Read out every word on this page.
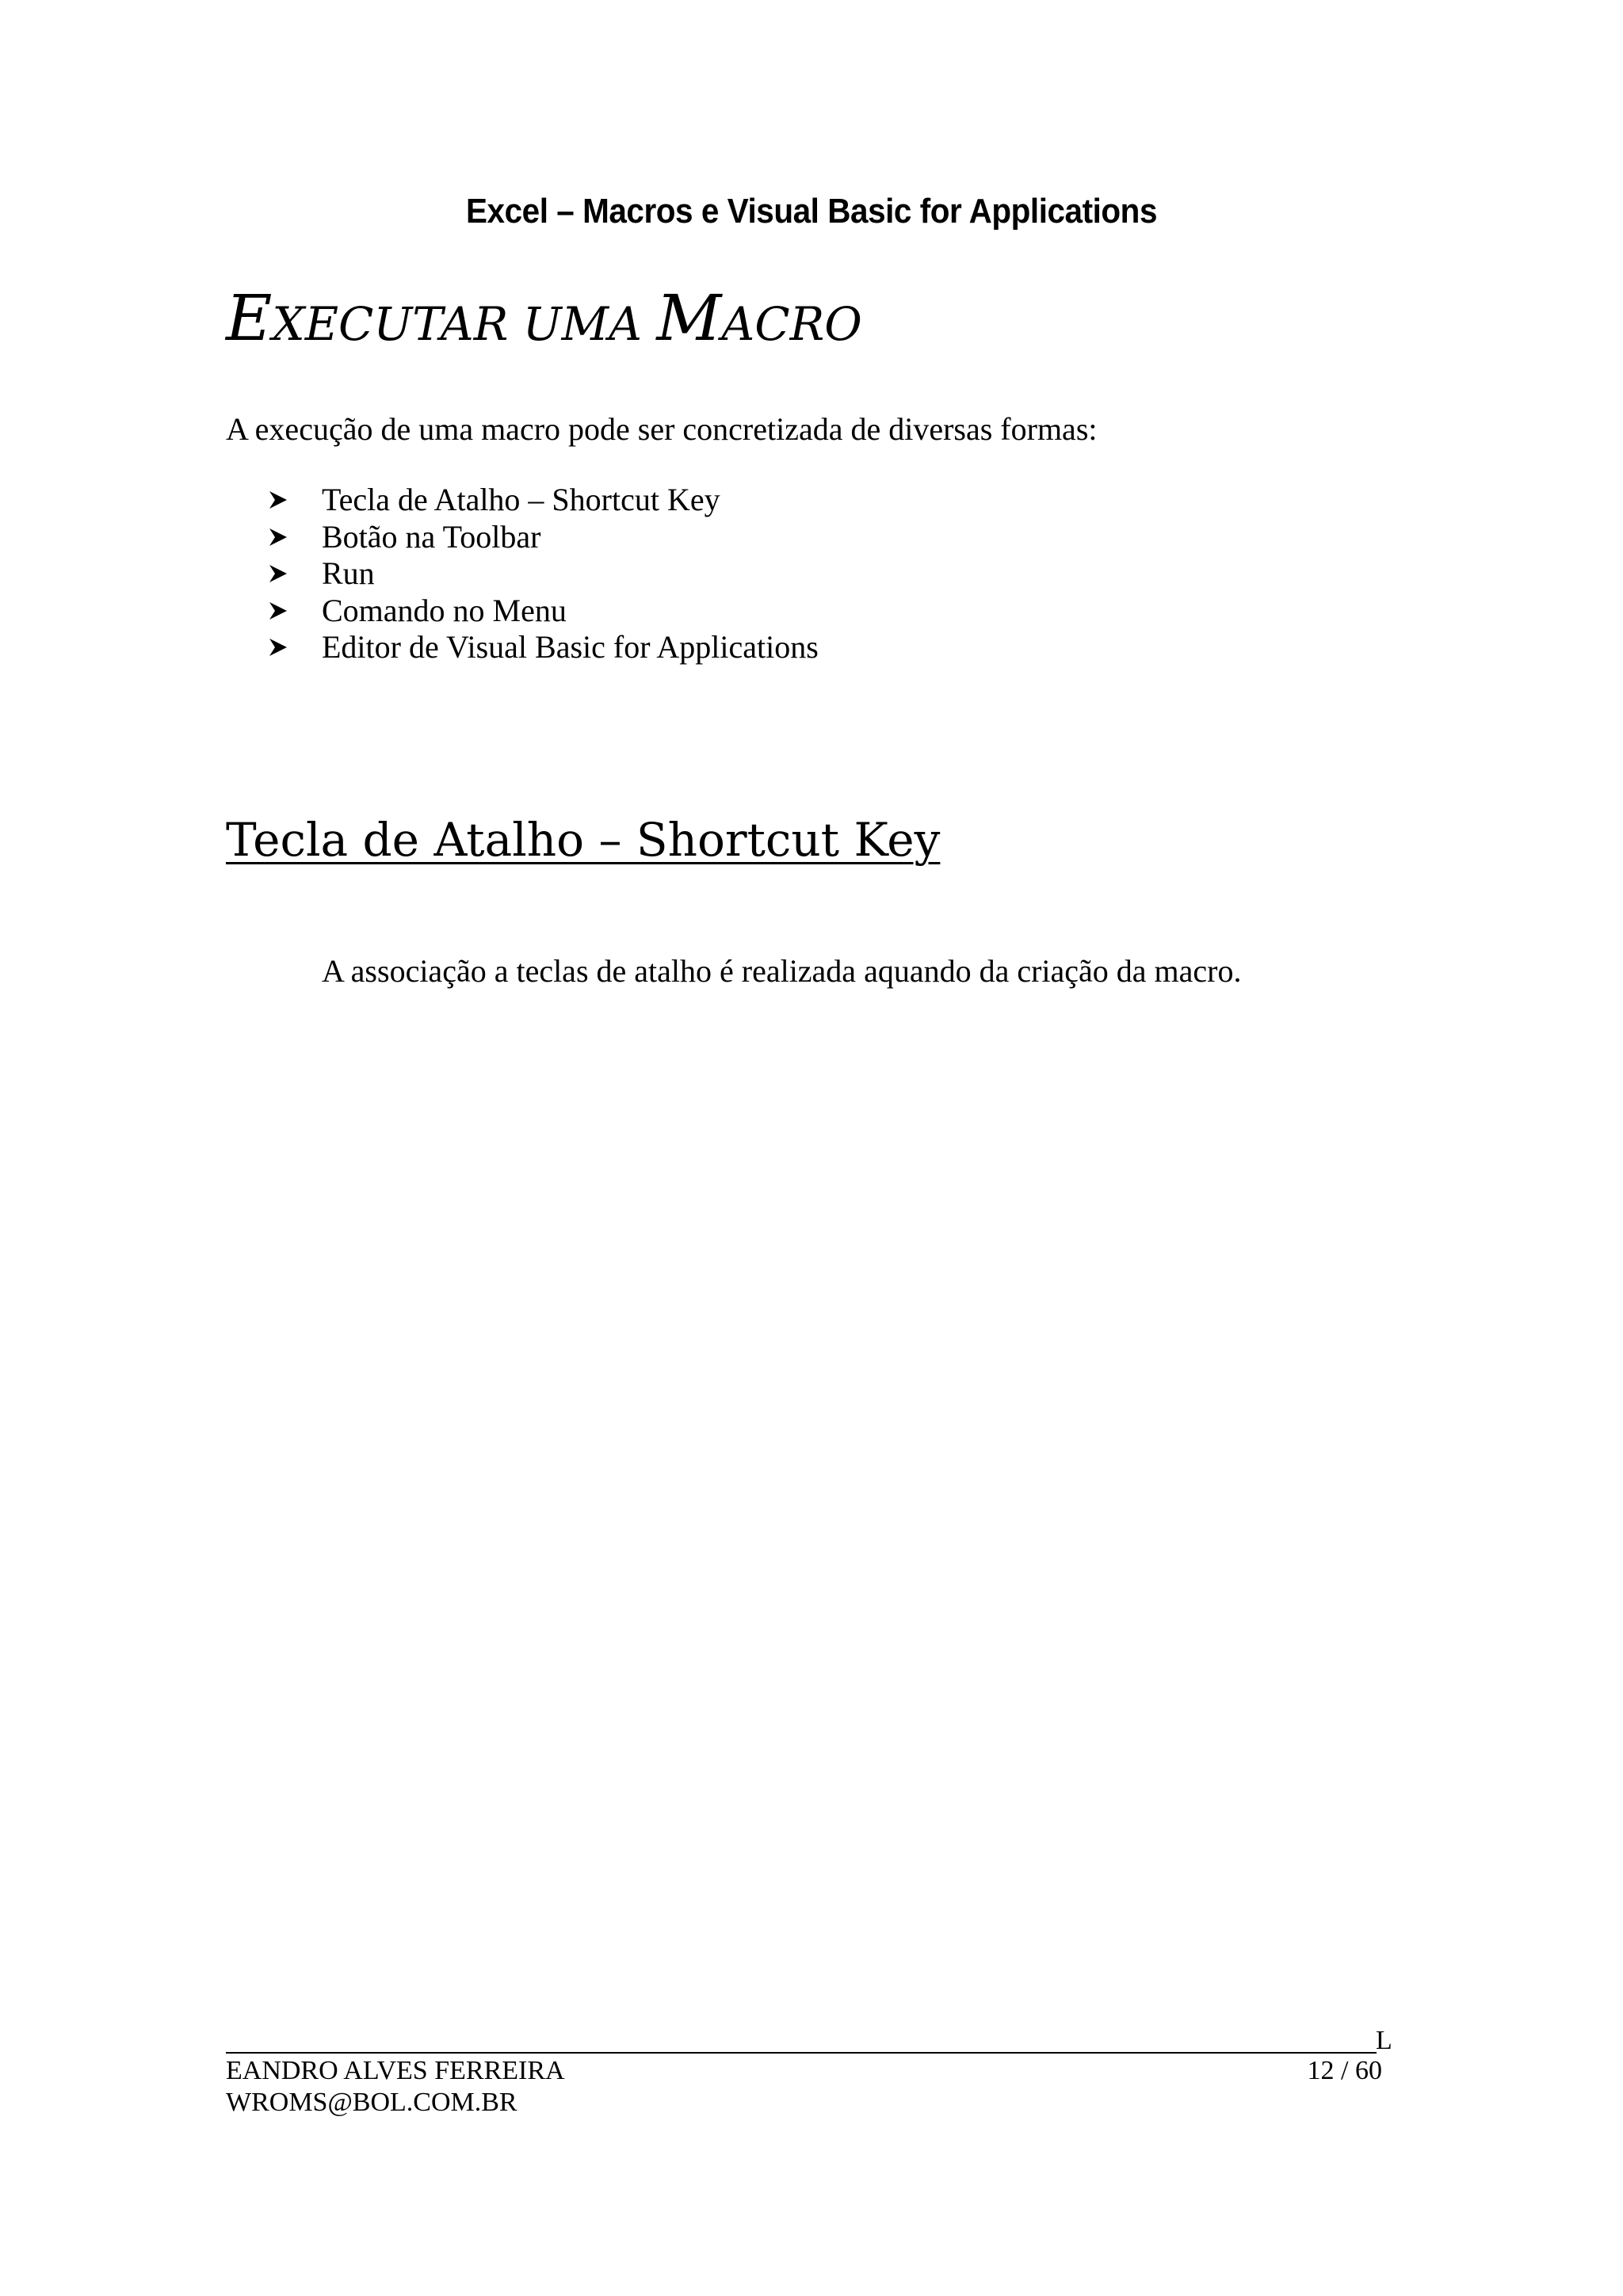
Excel – Macros e Visual Basic for Applications
EXECUTAR UMA MACRO
A execução de uma macro pode ser concretizada de diversas formas:
Tecla de Atalho – Shortcut Key
Botão na Toolbar
Run
Comando no Menu
Editor de Visual Basic for Applications
Tecla de Atalho – Shortcut Key
A associação a teclas de atalho é realizada aquando da criação da macro.
L
EANDRO ALVES FERREIRA
WROMS@BOL.COM.BR
12 / 60
